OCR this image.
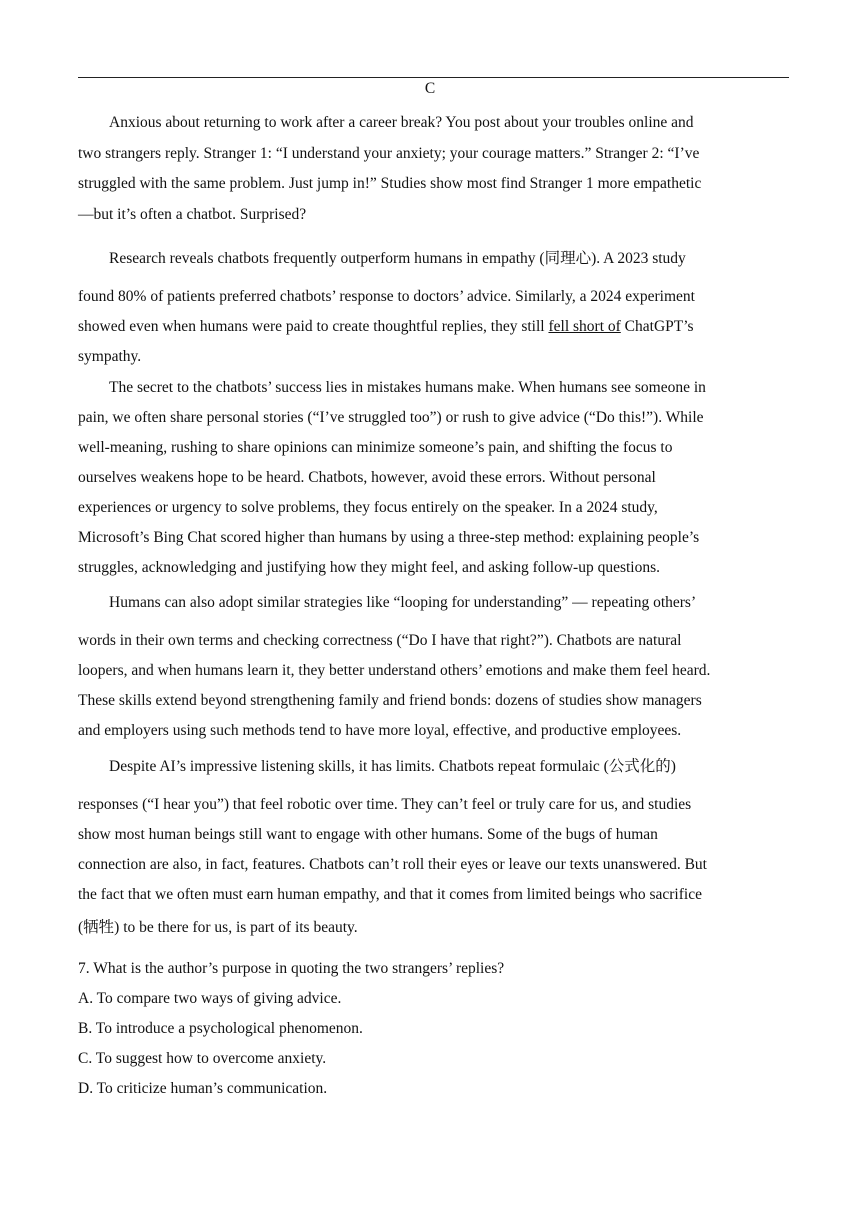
C
Anxious about returning to work after a career break? You post about your troubles online and
two strangers reply. Stranger 1: “I understand your anxiety; your courage matters.” Stranger 2: “I’ve
struggled with the same problem. Just jump in!” Studies show most find Stranger 1 more empathetic
—but it’s often a chatbot. Surprised?
Research reveals chatbots frequently outperform humans in empathy (同理心). A 2023 study
found 80% of patients preferred chatbots’ response to doctors’ advice. Similarly, a 2024 experiment
showed even when humans were paid to create thoughtful replies, they still fell short of ChatGPT’s
sympathy.
The secret to the chatbots’ success lies in mistakes humans make. When humans see someone in
pain, we often share personal stories (“I’ve struggled too”) or rush to give advice (“Do this!”). While
well-meaning, rushing to share opinions can minimize someone’s pain, and shifting the focus to
ourselves weakens hope to be heard. Chatbots, however, avoid these errors. Without personal
experiences or urgency to solve problems, they focus entirely on the speaker. In a 2024 study,
Microsoft’s Bing Chat scored higher than humans by using a three-step method: explaining people’s
struggles, acknowledging and justifying how they might feel, and asking follow-up questions.
Humans can also adopt similar strategies like “looping for understanding” — repeating others’
words in their own terms and checking correctness (“Do I have that right?”). Chatbots are natural
loopers, and when humans learn it, they better understand others’ emotions and make them feel heard.
These skills extend beyond strengthening family and friend bonds: dozens of studies show managers
and employers using such methods tend to have more loyal, effective, and productive employees.
Despite AI’s impressive listening skills, it has limits. Chatbots repeat formulaic (公式化的)
responses (“I hear you”) that feel robotic over time. They can’t feel or truly care for us, and studies
show most human beings still want to engage with other humans. Some of the bugs of human
connection are also, in fact, features. Chatbots can’t roll their eyes or leave our texts unanswered. But
the fact that we often must earn human empathy, and that it comes from limited beings who sacrifice
(牺牲) to be there for us, is part of its beauty.

7. What is the author’s purpose in quoting the two strangers’ replies?

A. To compare two ways of giving advice.

B. To introduce a psychological phenomenon.

C. To suggest how to overcome anxiety.

D. To criticize human’s communication.
